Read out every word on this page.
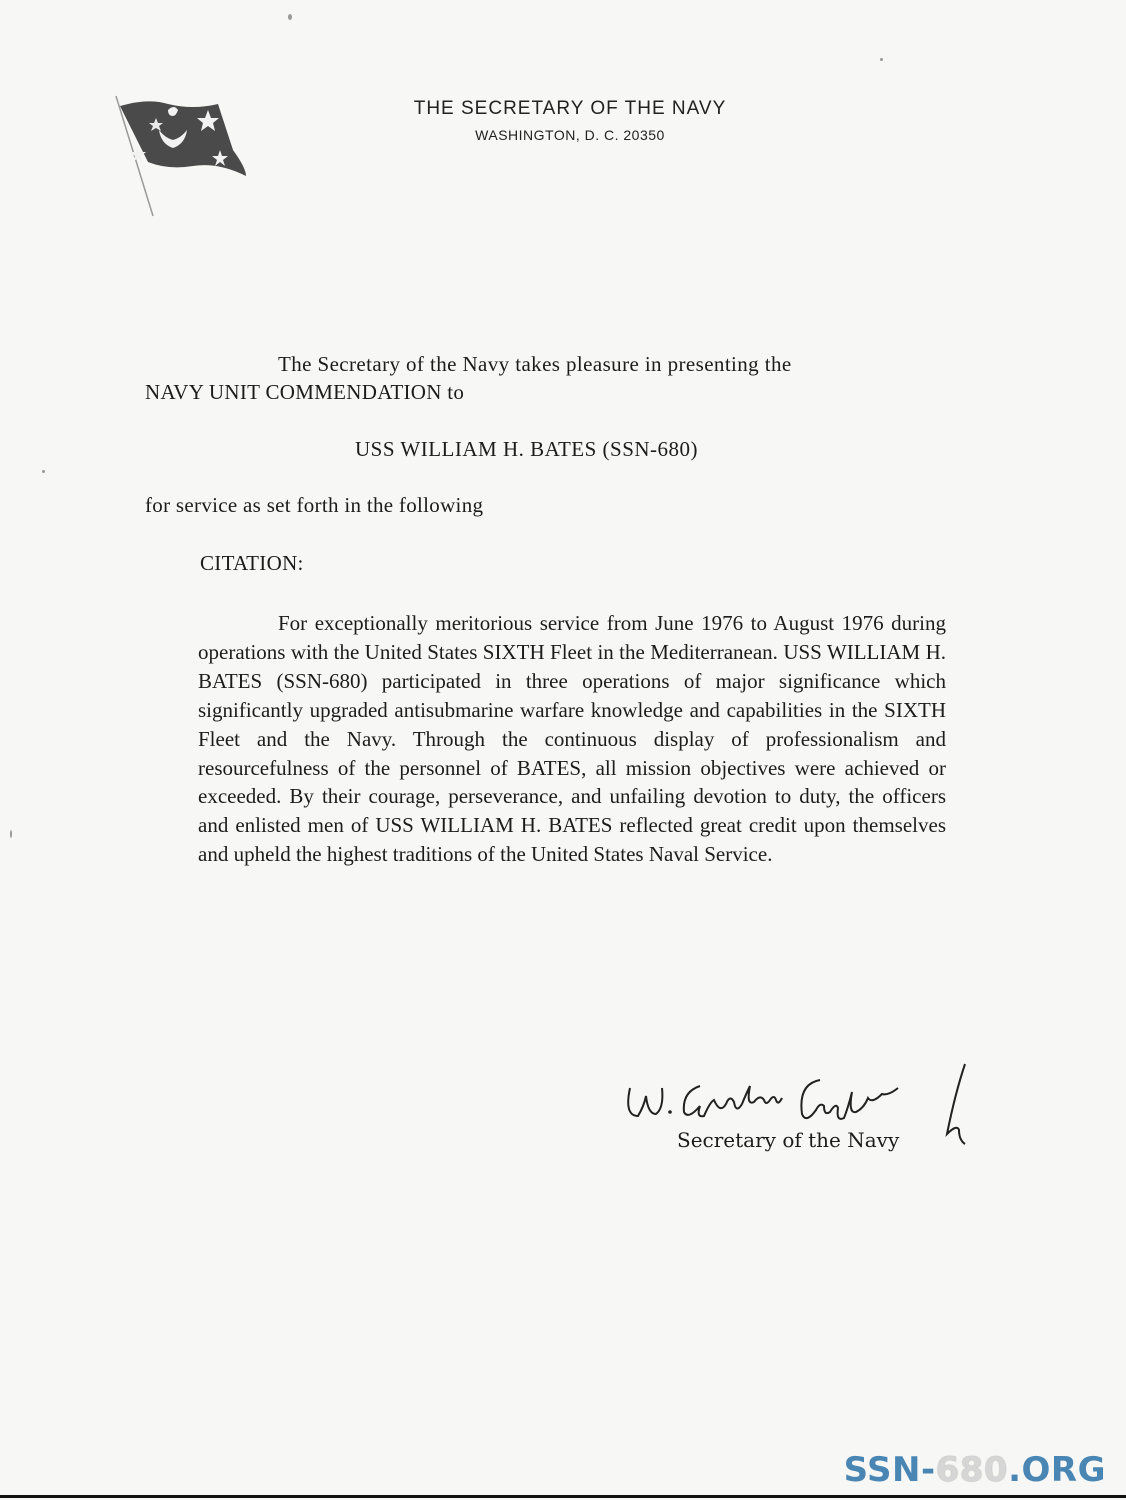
THE SECRETARY OF THE NAVY
WASHINGTON, D. C. 20350
The Secretary of the Navy takes pleasure in presenting the
NAVY UNIT COMMENDATION to
USS WILLIAM H. BATES (SSN-680)
for service as set forth in the following
CITATION:

For exceptionally meritorious service from June 1976 to August 1976 during operations with the United States SIXTH Fleet in the Mediterranean. USS WILLIAM H. BATES (SSN-680) participated in three operations of major significance which significantly upgraded antisubmarine warfare knowledge and capabilities in the SIXTH Fleet and the Navy. Through the continuous display of professionalism and resourcefulness of the personnel of BATES, all mission objectives were achieved or exceeded. By their courage, perseverance, and unfailing devotion to duty, the officers and enlisted men of USS WILLIAM H. BATES reflected great credit upon themselves and upheld the highest traditions of the United States Naval Service.

Secretary of the Navy
SSN-680.ORG
